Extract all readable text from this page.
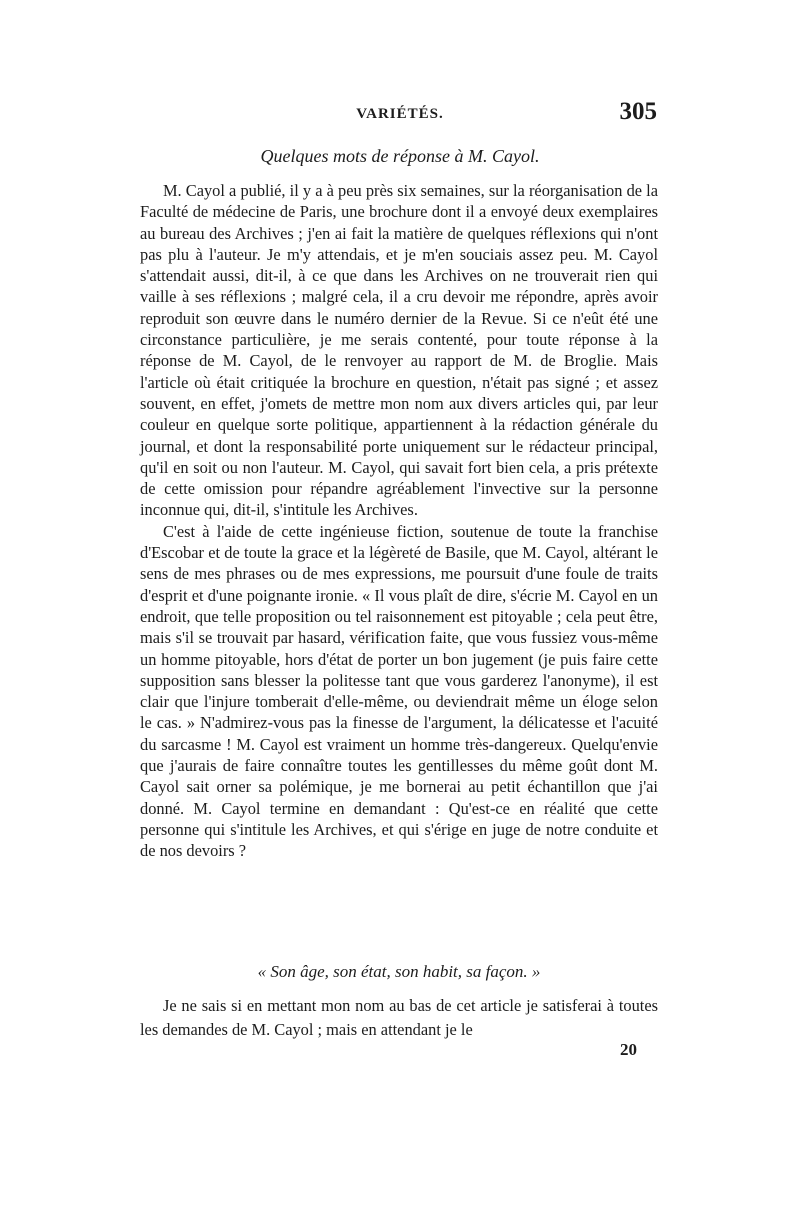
VARIÉTÉS.	305
Quelques mots de réponse à M. Cayol.

M. Cayol a publié, il y a à peu près six semaines, sur la réorganisation de la Faculté de médecine de Paris, une brochure dont il a envoyé deux exemplaires au bureau des Archives ; j'en ai fait la matière de quelques réflexions qui n'ont pas plu à l'auteur. Je m'y attendais, et je m'en souciais assez peu. M. Cayol s'attendait aussi, dit-il, à ce que dans les Archives on ne trouverait rien qui vaille à ses réflexions ; malgré cela, il a cru devoir me répondre, après avoir reproduit son œuvre dans le numéro dernier de la Revue. Si ce n'eût été une circonstance particulière, je me serais contenté, pour toute réponse à la réponse de M. Cayol, de le renvoyer au rapport de M. de Broglie. Mais l'article où était critiquée la brochure en question, n'était pas signé ; et assez souvent, en effet, j'omets de mettre mon nom aux divers articles qui, par leur couleur en quelque sorte politique, appartiennent à la rédaction générale du journal, et dont la responsabilité porte uniquement sur le rédacteur principal, qu'il en soit ou non l'auteur. M. Cayol, qui savait fort bien cela, a pris prétexte de cette omission pour répandre agréablement l'invective sur la personne inconnue qui, dit-il, s'intitule les Archives.

C'est à l'aide de cette ingénieuse fiction, soutenue de toute la franchise d'Escobar et de toute la grace et la légèreté de Basile, que M. Cayol, altérant le sens de mes phrases ou de mes expressions, me poursuit d'une foule de traits d'esprit et d'une poignante ironie. « Il vous plaît de dire, s'écrie M. Cayol en un endroit, que telle proposition ou tel raisonnement est pitoyable ; cela peut être, mais s'il se trouvait par hasard, vérification faite, que vous fussiez vous-même un homme pitoyable, hors d'état de porter un bon jugement (je puis faire cette supposition sans blesser la politesse tant que vous garderez l'anonyme), il est clair que l'injure tomberait d'elle-même, ou deviendrait même un éloge selon le cas. » N'admirez-vous pas la finesse de l'argument, la délicatesse et l'acuité du sarcasme ! M. Cayol est vraiment un homme très-dangereux. Quelqu'envie que j'aurais de faire connaître toutes les gentillesses du même goût dont M. Cayol sait orner sa polémique, je me bornerai au petit échantillon que j'ai donné. M. Cayol termine en demandant : Qu'est-ce en réalité que cette personne qui s'intitule les Archives, et qui s'érige en juge de notre conduite et de nos devoirs ?

« Son âge, son état, son habit, sa façon. »

Je ne sais si en mettant mon nom au bas de cet article je satisferai à toutes les demandes de M. Cayol ; mais en attendant je le

20
